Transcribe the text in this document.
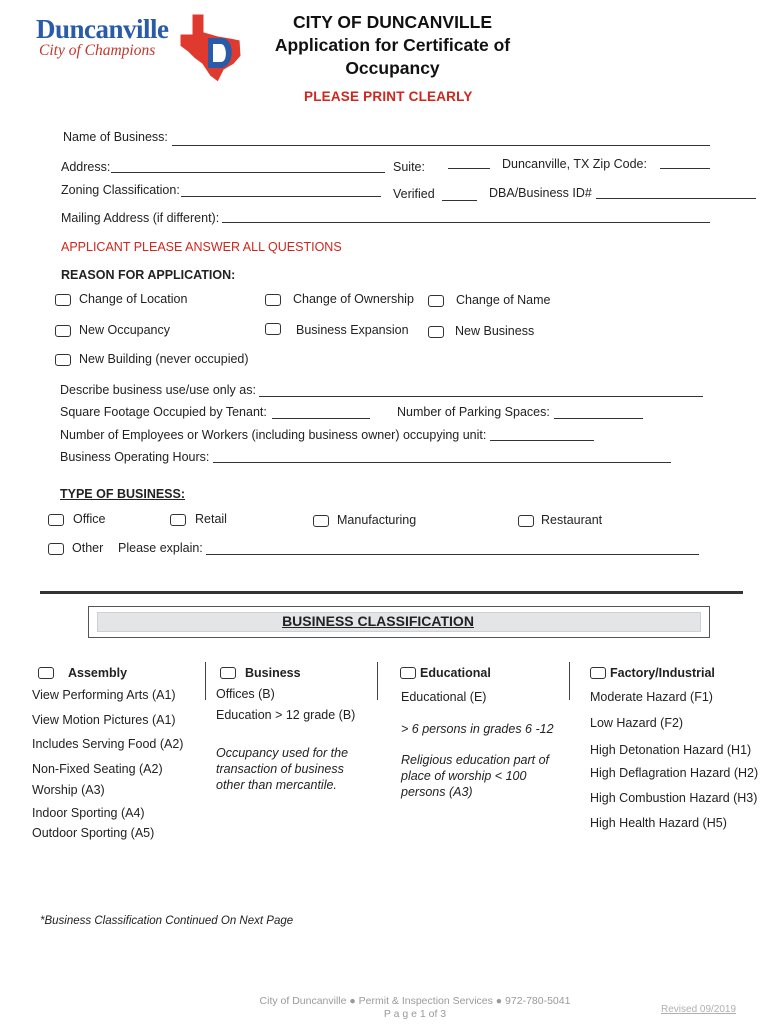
Duncanville
City of Champions
CITY OF DUNCANVILLE
Application for Certificate of
Occupancy
PLEASE PRINT CLEARLY
Name of Business:
Address:	Suite:	Duncanville, TX Zip Code:
Zoning Classification:	Verified	DBA/Business ID#
Mailing Address (if different):
APPLICANT PLEASE ANSWER ALL QUESTIONS
REASON FOR APPLICATION:
Change of Location	Change of Ownership	Change of Name
New Occupancy	Business Expansion	New Business
New Building (never occupied)
Describe business use/use only as:
Square Footage Occupied by Tenant:	Number of Parking Spaces:
Number of Employees or Workers (including business owner) occupying unit:
Business Operating Hours:
TYPE OF BUSINESS:
Office	Retail	Manufacturing	Restaurant
Other Please explain:
BUSINESS CLASSIFICATION
Assembly
View Performing Arts (A1)
View Motion Pictures (A1)
Includes Serving Food (A2)
Non-Fixed Seating (A2)
Worship (A3)
Indoor Sporting (A4)
Outdoor Sporting (A5)
Business
Offices (B)
Education > 12 grade (B)
Occupancy used for the transaction of business other than mercantile.
Educational
Educational (E)
> 6 persons in grades 6 -12
Religious education part of place of worship < 100 persons (A3)
Factory/Industrial
Moderate Hazard (F1)
Low Hazard (F2)
High Detonation Hazard (H1)
High Deflagration Hazard (H2)
High Combustion Hazard (H3)
High Health Hazard (H5)
*Business Classification Continued On Next Page
City of Duncanville ● Permit & Inspection Services ● 972-780-5041
P a g e 1 of 3	Revised 09/2019
